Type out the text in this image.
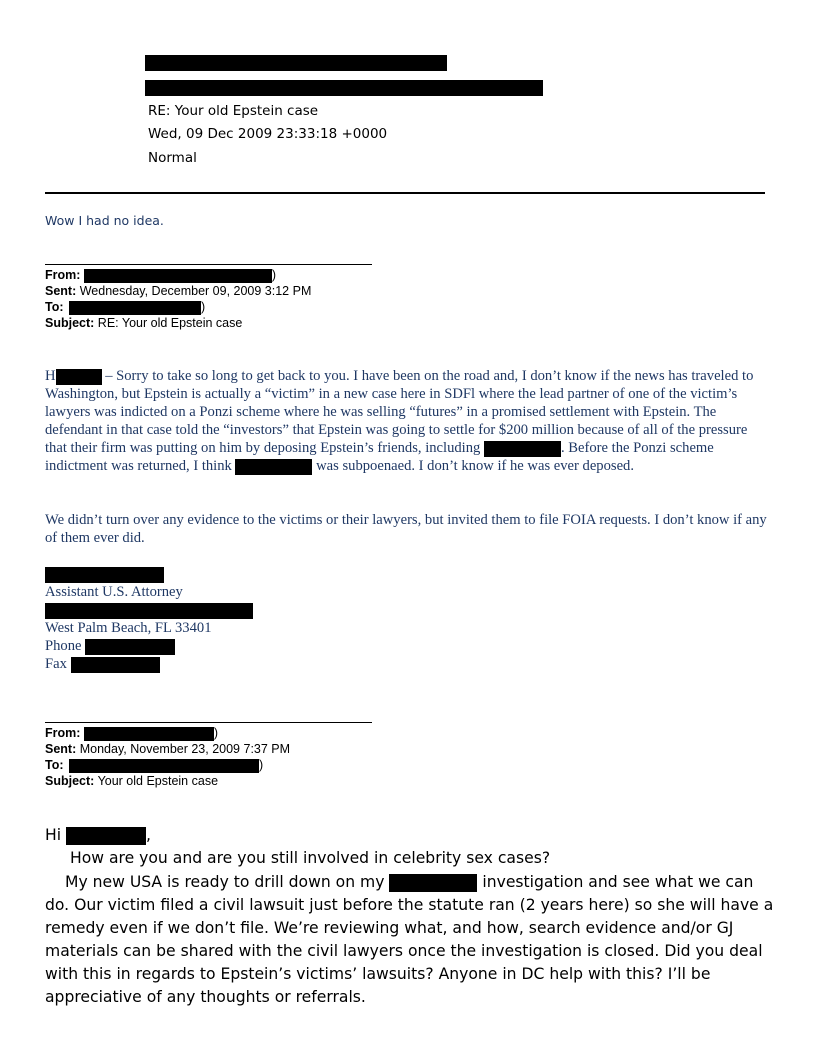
RE: Your old Epstein case
Wed, 09 Dec 2009 23:33:18 +0000
Normal
Wow I had no idea.
From:	)
Sent: Wednesday, December 09, 2009 3:12 PM
To:	)
Subject: RE: Your old Epstein case
H	– Sorry to take so long to get back to you. I have been on the road and, I don’t know if the news has traveled to Washington, but Epstein is actually a “victim” in a new case here in SDFl where the lead partner of one of the victim’s lawyers was indicted on a Ponzi scheme where he was selling “futures” in a promised settlement with Epstein. The defendant in that case told the “investors” that Epstein was going to settle for $200 million because of all of the pressure that their firm was putting on him by deposing Epstein’s friends, including	. Before the Ponzi scheme indictment was returned, I think	was subpoenaed. I don’t know if he was ever deposed.
We didn’t turn over any evidence to the victims or their lawyers, but invited them to file FOIA requests. I don’t know if any of them ever did.
Assistant U.S. Attorney
West Palm Beach, FL 33401
Phone
Fax
From:	)
Sent: Monday, November 23, 2009 7:37 PM
To:	)
Subject: Your old Epstein case
Hi	,
How are you and are you still involved in celebrity sex cases?
My new USA is ready to drill down on my	investigation and see what we can do. Our victim filed a civil lawsuit just before the statute ran (2 years here) so she will have a remedy even if we don’t file. We’re reviewing what, and how, search evidence and/or GJ materials can be shared with the civil lawyers once the investigation is closed. Did you deal with this in regards to Epstein’s victims’ lawsuits? Anyone in DC help with this? I’ll be appreciative of any thoughts or referrals.
